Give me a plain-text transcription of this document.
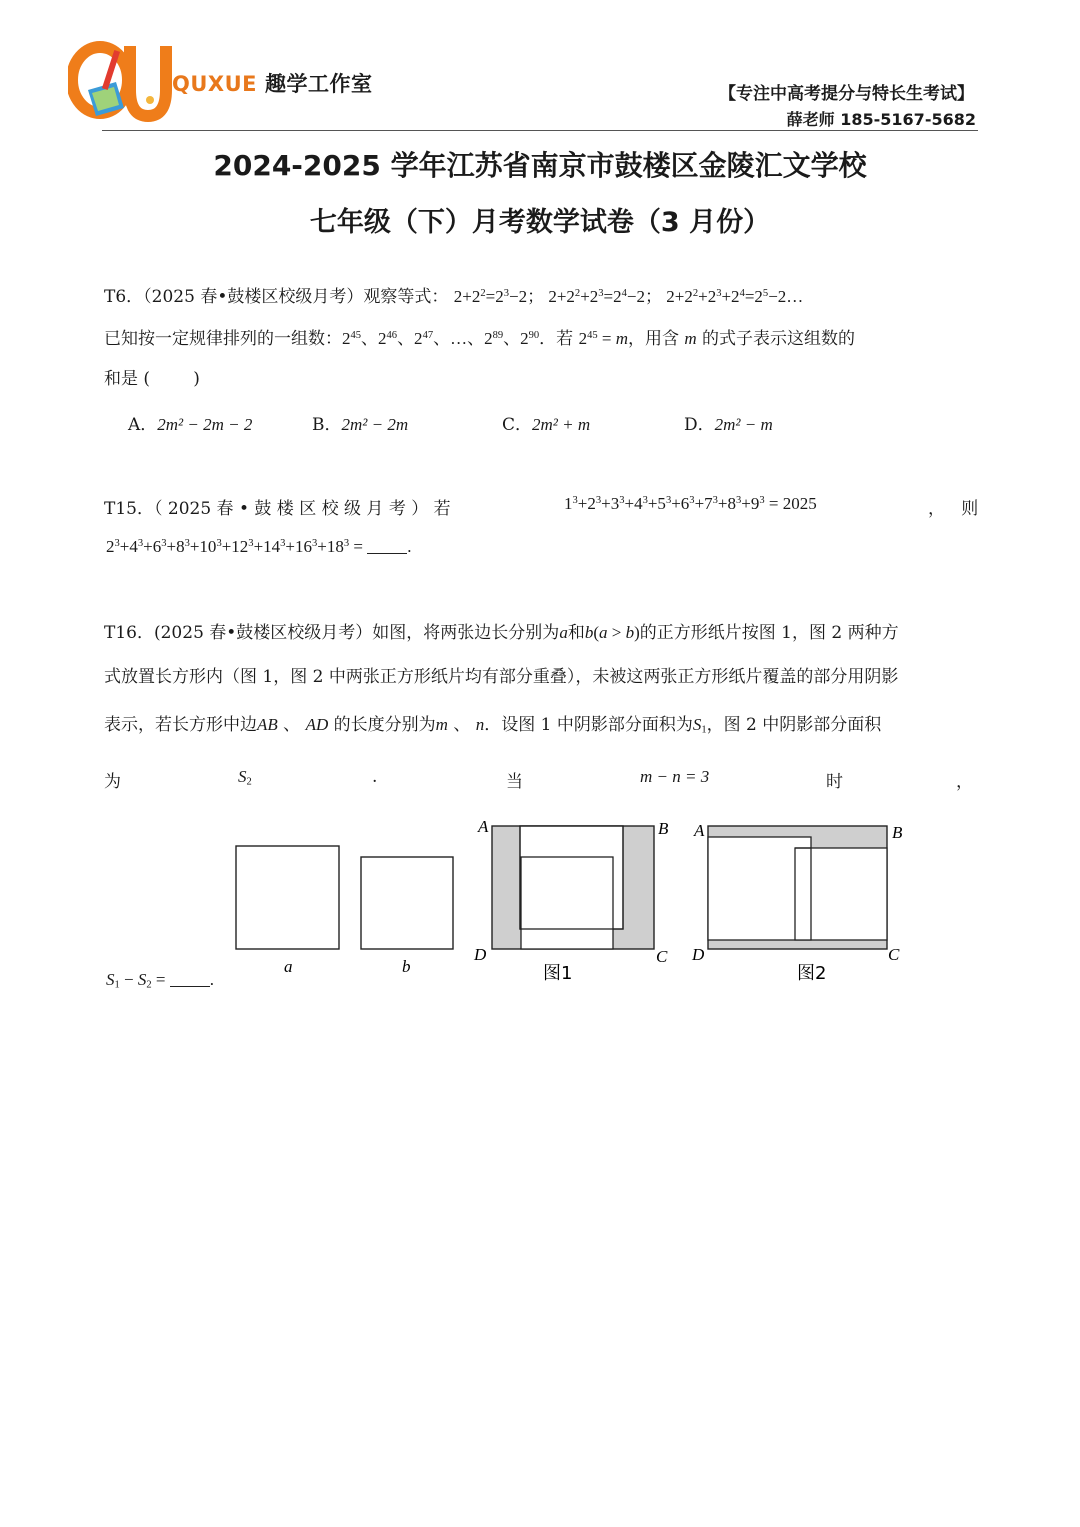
QUXUE 趣学工作室	【专注中高考提分与特长生考试】
薛老师 185-5167-5682
2024-2025 学年江苏省南京市鼓楼区金陵汇文学校
七年级（下）月考数学试卷（3 月份）
T6．（2025 春•鼓楼区校级月考）观察等式： $2+2^2=2^3-2$； $2+2^2+2^3=2^4-2$； $2+2^2+2^3+2^4=2^5-2\dots$
已知按一定规律排列的一组数：$2^{45}$、$2^{46}$、$2^{47}$、…、$2^{89}$、$2^{90}$．若 $2^{45} = m$，用含 m 的式子表示这组数的
和是 (        )
A．2m² − 2m − 2	B．2m² − 2m	C．2m² + m	D．2m² − m
T15．（ 2025 春 • 鼓 楼 区 校 级 月 考 ） 若	$1^3+2^3+3^3+4^3+5^3+6^3+7^3+8^3+9^3 = 2025$	，   则
$2^3+4^3+6^3+8^3+10^3+12^3+14^3+16^3+18^3$ = .
T16．(2025 春•鼓楼区校级月考）如图，将两张边长分别为a和b(a > b)的正方形纸片按图 1，图 2 两种方
式放置长方形内（图 1，图 2 中两张正方形纸片均有部分重叠），未被这两张正方形纸片覆盖的部分用阴影
表示，若长方形中边AB 、 AD 的长度分别为m 、 n．设图 1 中阴影部分面积为$S_1$，图 2 中阴影部分面积
为	$S_2$	.	当	m − n = 3	时	，
$S_1 - S_2$ = .
a	b
A	B
C
D
图1
A	B
C
D
图2
